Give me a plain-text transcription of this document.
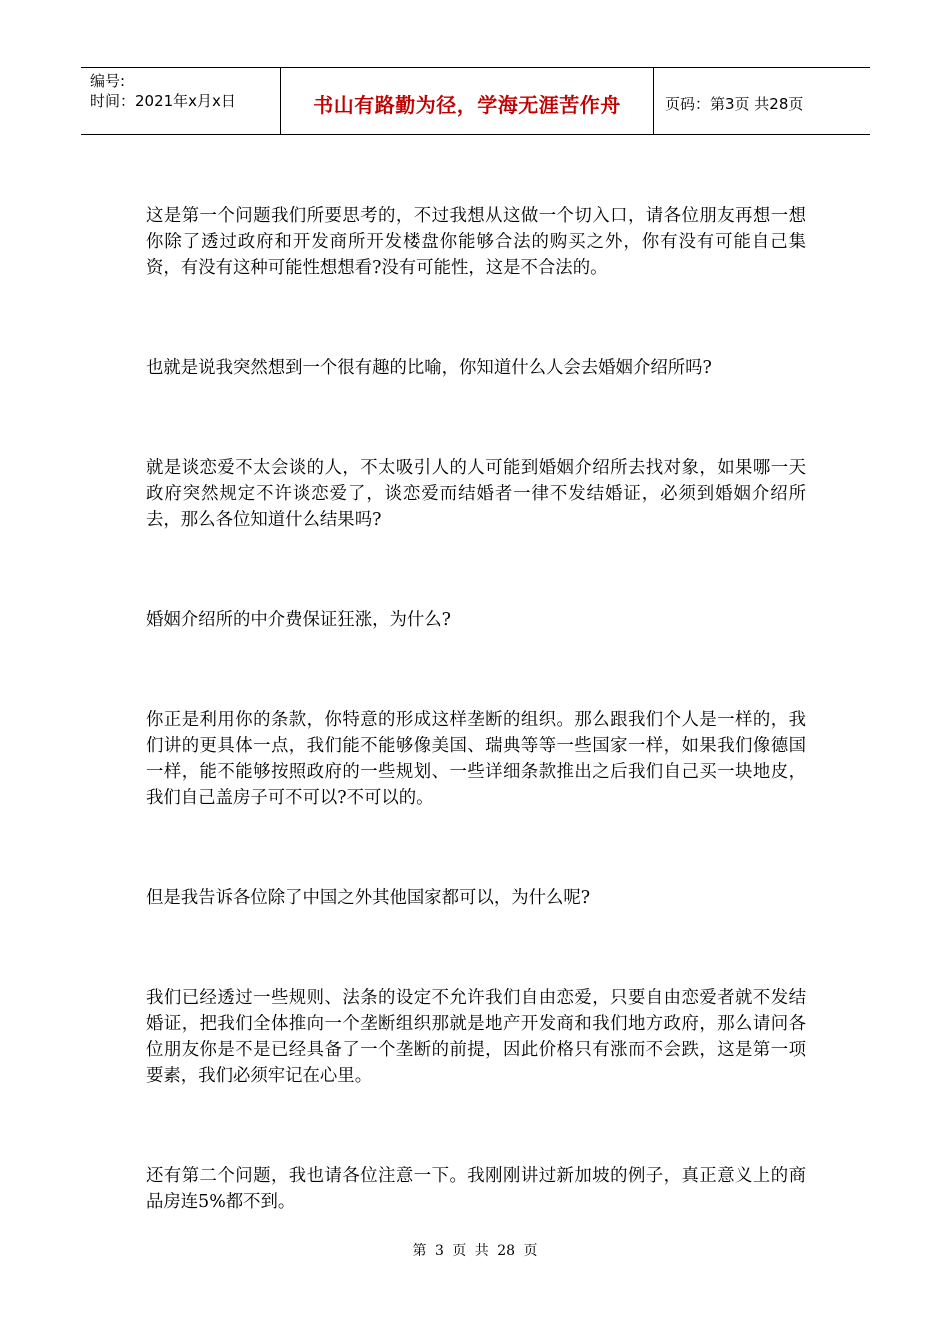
编号:
时间：2021年x月x日	书山有路勤为径，学海无涯苦作舟	页码：第3页 共28页

这是第一个问题我们所要思考的，不过我想从这做一个切入口，请各位朋友再想一想你除了透过政府和开发商所开发楼盘你能够合法的购买之外，你有没有可能自己集资，有没有这种可能性想想看?没有可能性，这是不合法的。

也就是说我突然想到一个很有趣的比喻，你知道什么人会去婚姻介绍所吗?

就是谈恋爱不太会谈的人，不太吸引人的人可能到婚姻介绍所去找对象，如果哪一天政府突然规定不许谈恋爱了，谈恋爱而结婚者一律不发结婚证，必须到婚姻介绍所去，那么各位知道什么结果吗?

婚姻介绍所的中介费保证狂涨，为什么?

你正是利用你的条款，你特意的形成这样垄断的组织。那么跟我们个人是一样的，我们讲的更具体一点，我们能不能够像美国、瑞典等等一些国家一样，如果我们像德国一样，能不能够按照政府的一些规划、一些详细条款推出之后我们自己买一块地皮，我们自己盖房子可不可以?不可以的。

但是我告诉各位除了中国之外其他国家都可以，为什么呢?

我们已经透过一些规则、法条的设定不允许我们自由恋爱，只要自由恋爱者就不发结婚证，把我们全体推向一个垄断组织那就是地产开发商和我们地方政府，那么请问各位朋友你是不是已经具备了一个垄断的前提，因此价格只有涨而不会跌，这是第一项要素，我们必须牢记在心里。

还有第二个问题，我也请各位注意一下。我刚刚讲过新加坡的例子，真正意义上的商品房连5%都不到。

第 3 页 共 28 页
